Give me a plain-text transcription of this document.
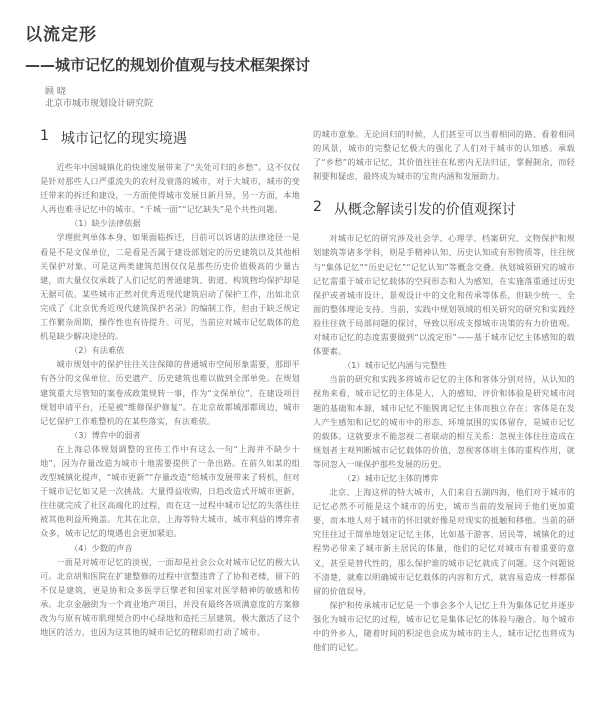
以流定形
——城市记忆的规划价值观与技术框架探讨
顾 晓
北京市城市规划设计研究院
1 城市记忆的现实境遇

近些年中国城镇化的快速发展带来了“失处可归的乡愁”。这不仅仅是针对那些人口严重流失的农村及衰落的城市，对于大城市，城市的变迁带来的拆迁和建设，一方面使得城市发展日新月异，另一方面，本地人再也难寻记忆中的城市。“千城一面”“记忆缺失”是个共性问题。

（1）缺少法律依据

学理批判单体本身，如果面临拆迁，目前可以诉诸的法律途径一是看是不是文保单位，二是看是否属于建设部划定的历史建筑以及其他相关保护对象。可是这两类建筑范围仅仅是那些历史价值极高的少量古建，而大量仅仅承载了人们记忆的普通建筑、街道、构筑物均保护却是无据可依。某些城市正然对优秀近现代建筑启动了保护工作，出如北京完成了《北京优秀近现代建筑保护名录》的编制工作，但由于缺乏规定工作繁杂周期，操作性也有待提升。可见，当前应对城市记忆载体的危机是缺少解决途径的。

（2）有法难依

城市规划中的保护往往关注保障的普通城市空间形象需要，那即平有各分的文保单位、历史遗产、历史建筑也难以做到全部单免。在规划建筑重大尽管知的案卷成政策规转一事，作为“文保单位”，在建设项目规划申请平台，还是被“维修保护修复”。在北京故都城部都周边，城市记忆保护工作难整机的在某些落实，有法难依。

（3）博弈中的弱者

在上海总体规划调整的宣传工作中有这么一句“上海并不缺少十地”，因为存量改造为城市十地需要提供了一条出路。在前久如某的组改型城镇化提声，“城市更新”“存量改造”给城市发展带来了转机，但对于城市记忆如又是一次挑战。大量得益收购，日趋改造式开城市更新，往往就完成了社区高端化的过程，而在这一过程中城市记忆的失落往往被其他利益所掩盖。尤其在北京，上海等特大城市，城市利益的博弈者众多，城市记忆的境遇也会更加紧迫。

（4）少数的声音

一面是对城市记忆的淡视，一面却是社会公众对城市记忆的极大认可。北京胡和医院在扩建整修的过程中宣整违背了了协和老楼，留下的不仅是建筑，更是协和众多医学巨擘老和国家对医学精神的敏感和传承。北京金融街为一个商业地产项目，并没有最终各项满意度的方案修改为与原有城市肌理契合的中心绿地和造托三层建筑，极大激活了这个地区的活力，也因为这其他的城市记忆的精彩而打动了城市。

的城市意象。无论回归的时候，人们甚至可以当着相同的路、看着相同的风景，城市的完整记忆极大的强化了人们对于城市的认知感。承载了“乡愁”的城市记忆，其价值往往在私密内无法归证，掌握制余，而轻制要和疑虑，最终成为城市的宝贵内涵和发展助力。

2 从概念解读引发的价值观探讨

对城市记忆的研究涉及社会学、心理学、档案研究、文物保护和规划建筑等诸多学科，则是手精神认知、历史认知或有形物质等，往往统与“集体记忆”“历史记忆”“记忆认知”等概念交叠。执划城领研究的城市记忆需重于城市记忆载体的空间形态和人为感知，在实施落重通过历史保护或者城市设计、景观设计中的文化和传承等体系，但缺少统一、全面的整体理论支持。当前，实践中规划领域的相关研究的研究和实践经验往往就于局部问题的探讨，导致以形成支撑城市决策的有力价值观。对城市记忆的态度需要做到“以流定形”——基于城市记忆主体感知的载体要素。

（1）城市记忆内涵与完整性

当前的研究和实践多将城市记忆的主体和客体分别对待，从认知的视角来看，城市记忆的主体是人，人的感知、评价和体验是研究城市问题的基础和本源，城市记忆不能脱离记忆主体而独立存在；客体是在发人产生感知和记忆的城市中的形态、环境氛围的实体留存，是城市记忆的载体。这就要求不能忽视二者联动的相互关系：忽视主体往往造成在规划者主观判断城市记忆载体的价值，忽视客体则主体的重构作用，就等同忽入一味保护那些发展的历史。

（2）城市记忆主体的博弈

北京、上海这样的特大城市，人们来自五湖四海，他们对于城市的记忆必然不可能是这个城市的历史，城市当前的发展同于他们更加重要，而本地人对于城市的怀旧就好像是对现实的抵触和移植。当前的研究往往过于简单地划定记忆主体，比如基于游客、居民等，城镇化的过程势必带来了城市新主居民的体量，他们的记忆对城市有着重要的意义，甚至是替代性的，那么保护谁的城市记忆就成了问题。这个问题说不清楚，就难以明确城市记忆载体的内容和方式，就容易造成一样都保留的价值误导。

保护和传承城市记忆是一个事会多个人记忆上升为集体记忆并逐步强化为城市记忆的过程，城市记忆是集体记忆的体验与融合。每个城市中的外乡人，随着时间的积淀也会成为城市的主人，城市记忆也将成为他们的记忆。
